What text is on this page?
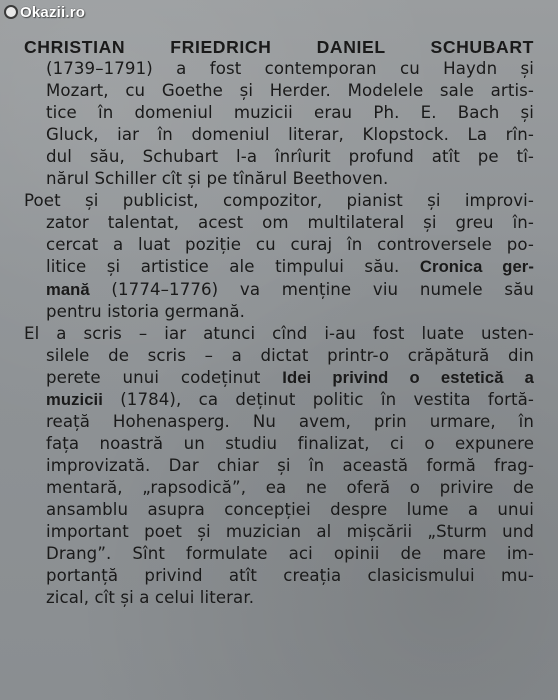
Okazii.ro
CHRISTIAN FRIEDRICH DANIEL SCHUBART
(1739–1791) a fost contemporan cu Haydn și
Mozart, cu Goethe și Herder. Modelele sale artis-
tice în domeniul muzicii erau Ph. E. Bach și
Gluck, iar în domeniul literar, Klopstock. La rîn-
dul său, Schubart l-a înrîurit profund atît pe tî-
nărul Schiller cît și pe tînărul Beethoven.
Poet și publicist, compozitor, pianist și improvi-
zator talentat, acest om multilateral și greu în-
cercat a luat poziție cu curaj în controversele po-
litice și artistice ale timpului său. Cronica ger-
mană (1774–1776) va menține viu numele său
pentru istoria germană.
El a scris – iar atunci cînd i-au fost luate usten-
silele de scris – a dictat printr-o crăpătură din
perete unui codeținut Idei privind o estetică a
muzicii (1784), ca deținut politic în vestita fortă-
reață Hohenasperg. Nu avem, prin urmare, în
fața noastră un studiu finalizat, ci o expunere
improvizată. Dar chiar și în această formă frag-
mentară, „rapsodică”, ea ne oferă o privire de
ansamblu asupra concepției despre lume a unui
important poet și muzician al mișcării „Sturm und
Drang”. Sînt formulate aci opinii de mare im-
portanță privind atît creația clasicismului mu-
zical, cît și a celui literar.
